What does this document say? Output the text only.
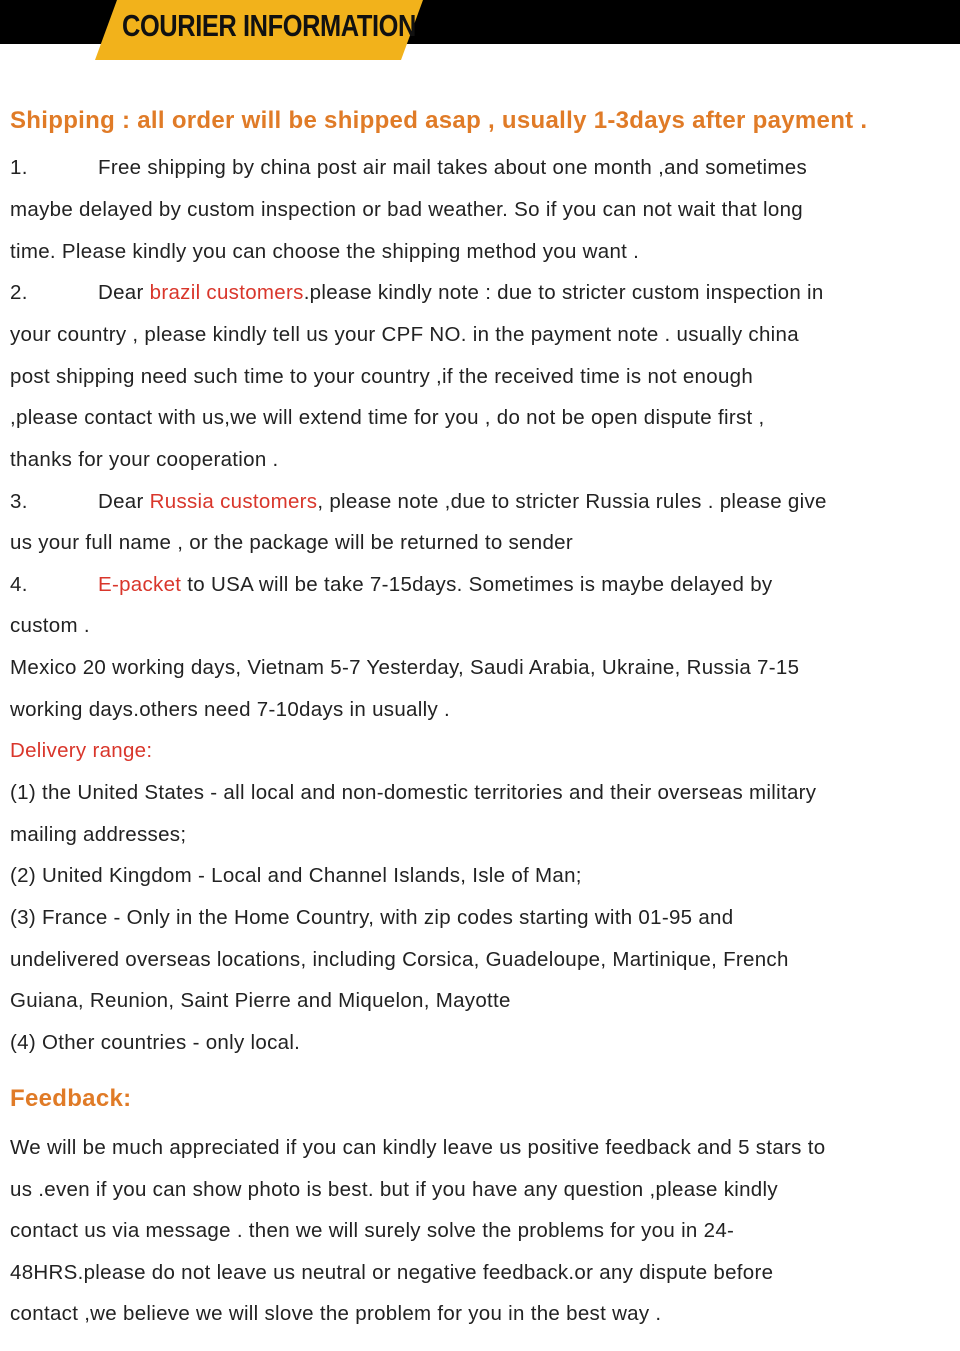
COURIER INFORMATION
Shipping : all order will be shipped asap , usually 1-3days after payment .
1.	Free shipping by china post air mail takes about one month ,and sometimes
maybe delayed by custom inspection or bad weather. So if you can not wait that long
time. Please kindly you can choose the shipping method you want .
2.	Dear brazil customers.please kindly note : due to stricter custom inspection in
your country , please kindly tell us your CPF NO. in the payment note . usually china
post shipping need such time to your country ,if the received time is not enough
,please contact with us,we will extend time for you , do not be open dispute first ,
thanks for your cooperation .
3.	Dear Russia customers, please note ,due to stricter Russia rules . please give
us your full name , or the package will be returned to sender
4.	E-packet to USA will be take 7-15days. Sometimes is maybe delayed by
custom .
Mexico 20 working days, Vietnam 5-7 Yesterday, Saudi Arabia, Ukraine, Russia 7-15
working days.others need 7-10days in usually .
Delivery range:
(1) the United States - all local and non-domestic territories and their overseas military
mailing addresses;
(2) United Kingdom - Local and Channel Islands, Isle of Man;
(3) France - Only in the Home Country, with zip codes starting with 01-95 and
undelivered overseas locations, including Corsica, Guadeloupe, Martinique, French
Guiana, Reunion, Saint Pierre and Miquelon, Mayotte
(4) Other countries - only local.
Feedback:
We will be much appreciated if you can kindly leave us positive feedback and 5 stars to
us .even if you can show photo is best. but if you have any question ,please kindly
contact us via message . then we will surely solve the problems for you in 24-
48HRS.please do not leave us neutral or negative feedback.or any dispute before
contact ,we believe we will slove the problem for you in the best way .
